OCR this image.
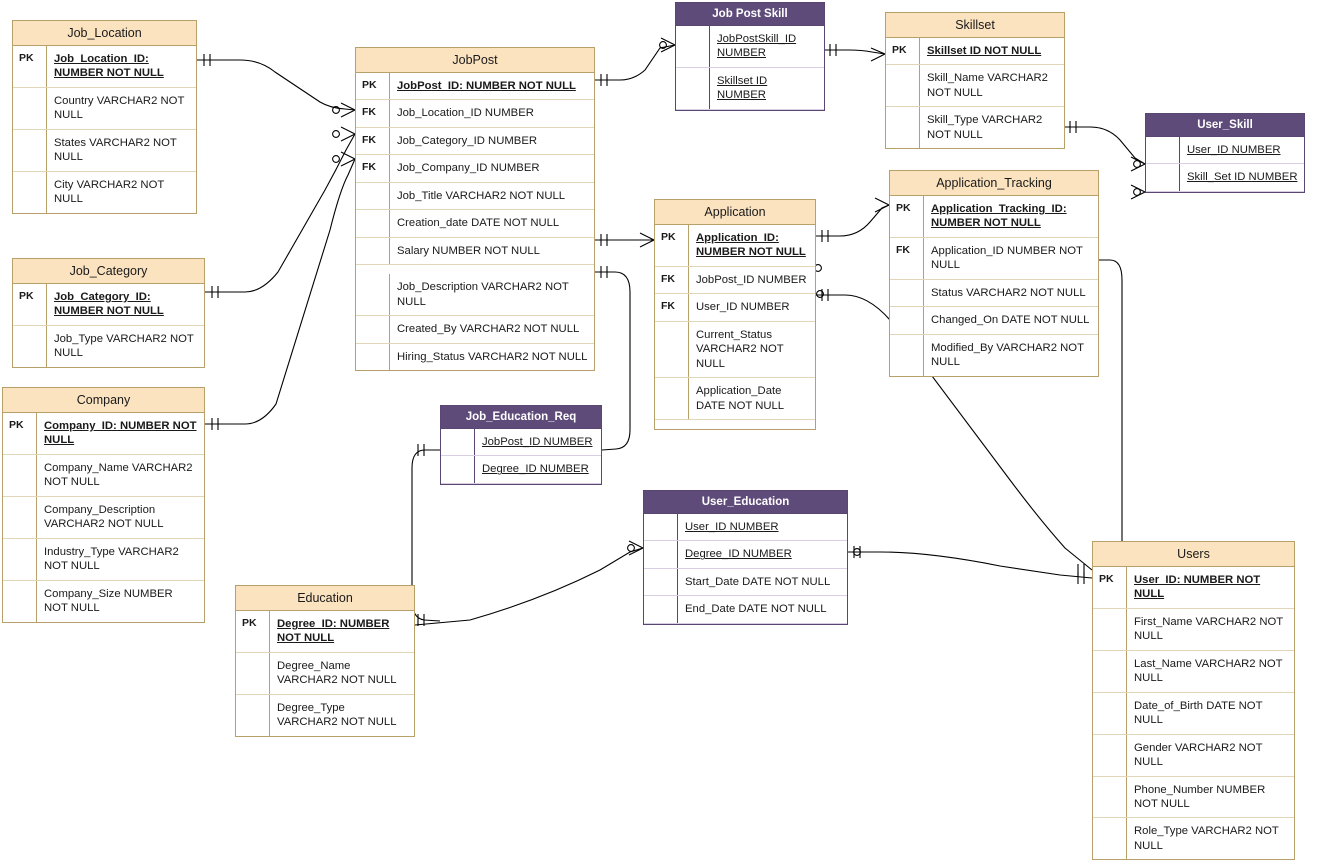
Job_Location
PK	Job_Location_ID: NUMBER NOT NULL
Country VARCHAR2 NOT NULL
States VARCHAR2 NOT NULL
City VARCHAR2 NOT NULL
Job_Category
PK	Job_Category_ID: NUMBER NOT NULL
Job_Type VARCHAR2 NOT NULL
Company
PK	Company_ID: NUMBER NOT NULL
Company_Name VARCHAR2 NOT NULL
Company_Description VARCHAR2 NOT NULL
Industry_Type VARCHAR2 NOT NULL
Company_Size NUMBER NOT NULL
JobPost
PK	JobPost_ID: NUMBER NOT NULL
FK	Job_Location_ID NUMBER
FK	Job_Category_ID NUMBER
FK	Job_Company_ID NUMBER
Job_Title VARCHAR2 NOT NULL
Creation_date DATE NOT NULL
Salary NUMBER NOT NULL
Job_Description VARCHAR2 NOT NULL
Created_By VARCHAR2 NOT NULL
Hiring_Status VARCHAR2 NOT NULL
Job Post Skill
JobPostSkill_ID NUMBER
Skillset ID NUMBER
Skillset
PK	Skillset ID NOT NULL
Skill_Name VARCHAR2 NOT NULL
Skill_Type VARCHAR2 NOT NULL
User_Skill
User_ID NUMBER
Skill_Set ID NUMBER
Application
PK	Application_ID: NUMBER NOT NULL
FK	JobPost_ID NUMBER
FK	User_ID NUMBER
Current_Status VARCHAR2 NOT NULL
Application_Date DATE NOT NULL
Application_Tracking
PK	Application_Tracking_ID: NUMBER NOT NULL
FK	Application_ID NUMBER NOT NULL
Status VARCHAR2 NOT NULL
Changed_On DATE NOT NULL
Modified_By VARCHAR2 NOT NULL
Job_Education_Req
JobPost_ID NUMBER
Degree_ID NUMBER
User_Education
User_ID NUMBER
Degree_ID NUMBER
Start_Date DATE NOT NULL
End_Date DATE NOT NULL
Education
PK	Degree_ID: NUMBER NOT NULL
Degree_Name VARCHAR2 NOT NULL
Degree_Type VARCHAR2 NOT NULL
Users
PK	User_ID: NUMBER NOT NULL
First_Name VARCHAR2 NOT NULL
Last_Name VARCHAR2 NOT NULL
Date_of_Birth DATE NOT NULL
Gender VARCHAR2 NOT NULL
Phone_Number NUMBER NOT NULL
Role_Type VARCHAR2 NOT NULL
